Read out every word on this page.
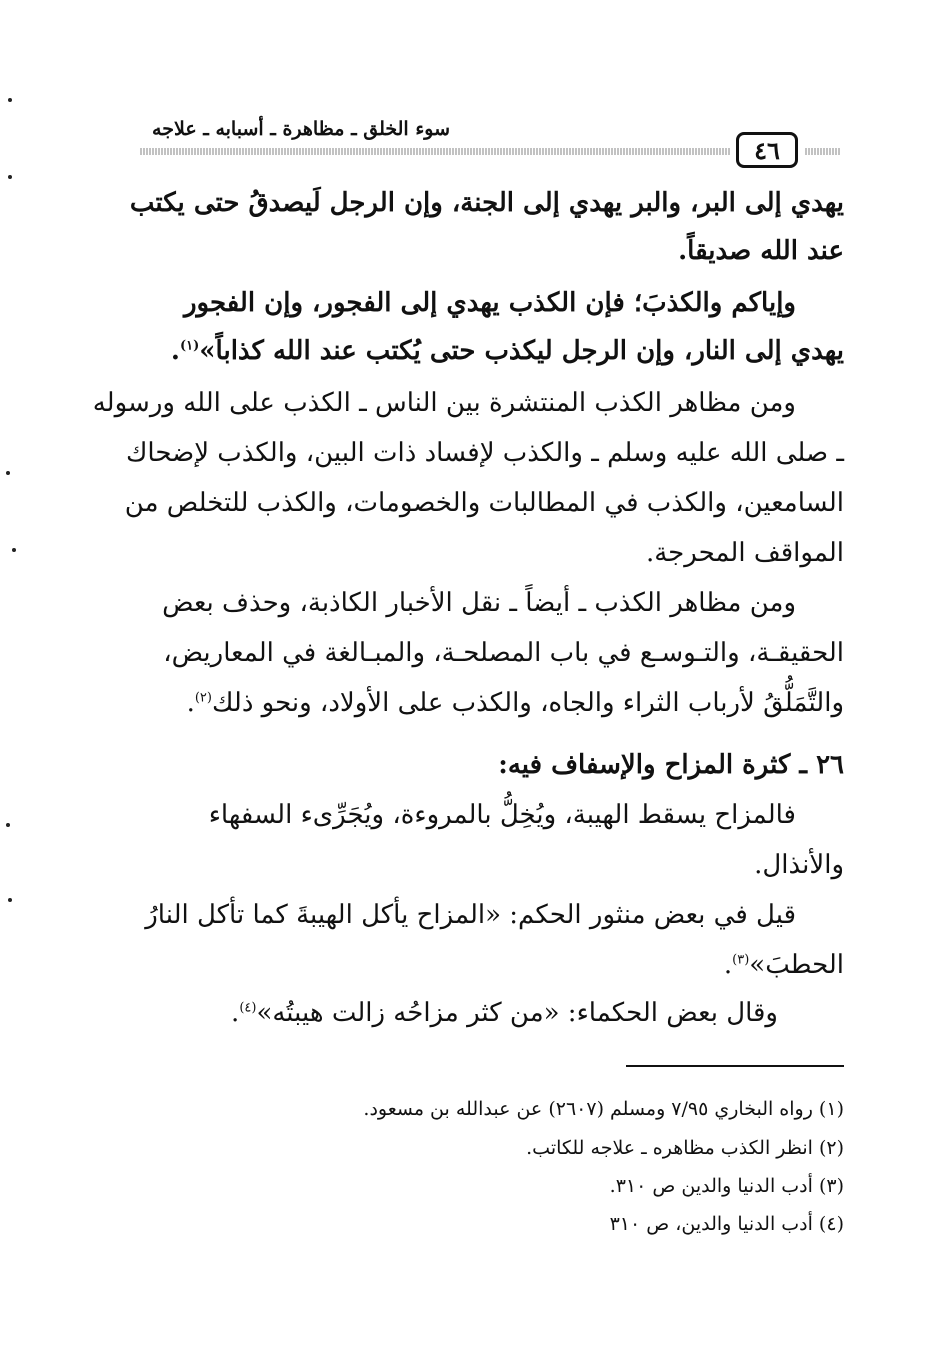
سوء الخلق ـ مظاهرة ـ أسبابه ـ علاجه
٤٦
يهدي إلى البر، والبر يهدي إلى الجنة، وإن الرجل لَيصدقُ حتى يكتب
عند الله صديقاً.
وإياكم والكذبَ؛ فإن الكذب يهدي إلى الفجور، وإن الفجور
يهدي إلى النار، وإن الرجل ليكذب حتى يُكتب عند الله كذاباً»$^{(١)}$.
ومن مظاهر الكذب المنتشرة بين الناس ـ الكذب على الله ورسوله
ـ صلى الله عليه وسلم ـ والكذب لإفساد ذات البين، والكذب لإضحاك
السامعين، والكذب في المطالبات والخصومات، والكذب للتخلص من
المواقف المحرجة.
ومن مظاهر الكذب ـ أيضاً ـ نقل الأخبار الكاذبة، وحذف بعض
الحقيقـة، والتـوسـع في باب المصلحـة، والمبـالغة في المعاريض،
والتَّمَلُّقُ لأرباب الثراء والجاه، والكذب على الأولاد، ونحو ذلك$^{(٢)}$.
٢٦ ـ كثرة المزاح والإسفاف فيه:
فالمزاح يسقط الهيبة، ويُخِلُّ بالمروءة، ويُجَرِّىء السفهاء
والأنذال.
قيل في بعض منثور الحكم: «المزاح يأكل الهيبةَ كما تأكل النارُ
الحطبَ»$^{(٣)}$.
وقال بعض الحكماء: «من كثر مزاحُه زالت هيبتُه»$^{(٤)}$.
(١) رواه البخاري ٧/٩٥ ومسلم (٢٦٠٧) عن عبدالله بن مسعود.
(٢) انظر الكذب مظاهره ـ علاجه للكاتب.
(٣) أدب الدنيا والدين ص ٣١٠.
(٤) أدب الدنيا والدين، ص ٣١٠
